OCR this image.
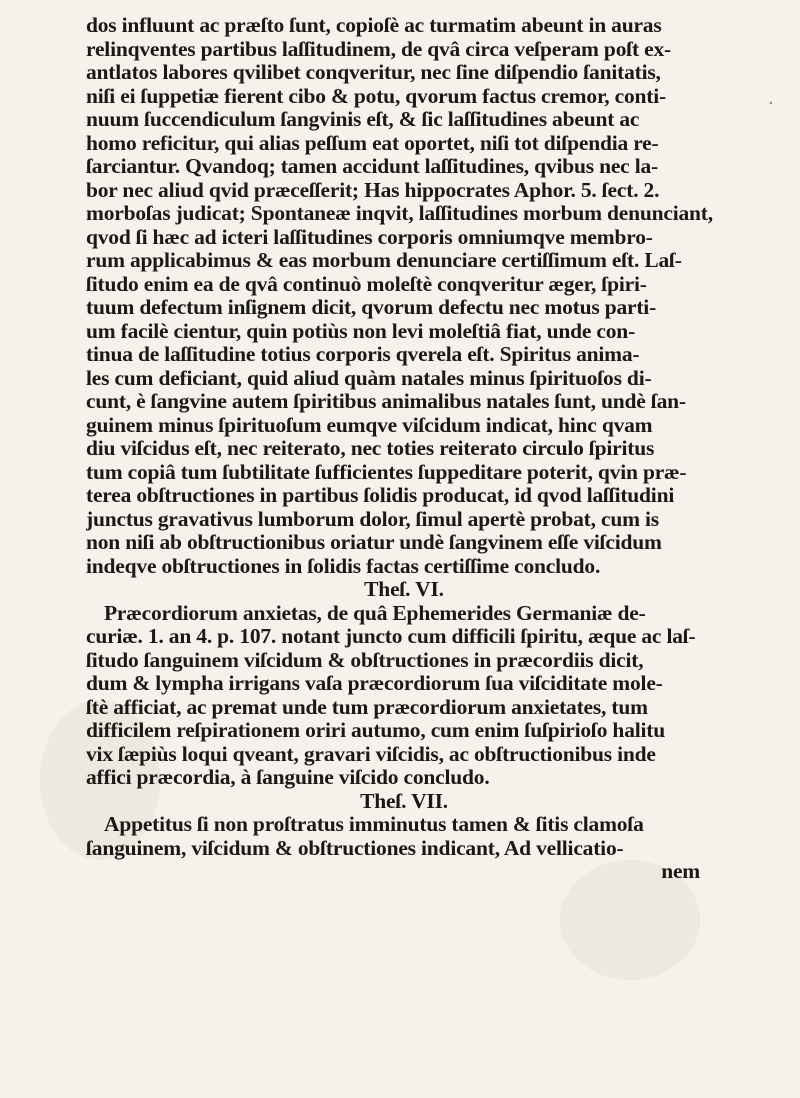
.
dos influunt ac præſto ſunt, copioſè ac turmatim abeunt in auras
relinqventes partibus laſſitudinem, de qvâ circa veſperam poſt ex-
antlatos labores qvilibet conqveritur, nec ſine diſpendio ſanitatis,
niſi ei ſuppetiæ fierent cibo & potu, qvorum factus cremor, conti-
nuum ſuccendiculum ſangvinis eſt, & ſic laſſitudines abeunt ac
homo reficitur, qui alias peſſum eat oportet, niſi tot diſpendia re-
ſarciantur. Qvandoq; tamen accidunt laſſitudines, qvibus nec la-
bor nec aliud qvid præceſſerit; Has hippocrates Aphor. 5. ſect. 2.
morboſas judicat; Spontaneæ inqvit, laſſitudines morbum denunciant,
qvod ſi hæc ad icteri laſſitudines corporis omniumqve membro-
rum applicabimus & eas morbum denunciare certiſſimum eſt. Laſ-
ſitudo enim ea de qvâ continuò moleſtè conqveritur æger, ſpiri-
tuum defectum inſignem dicit, qvorum defectu nec motus parti-
um facilè cientur, quin potiùs non levi moleſtiâ fiat, unde con-
tinua de laſſitudine totius corporis qverela eſt. Spiritus anima-
les cum deficiant, quid aliud quàm natales minus ſpirituoſos di-
cunt, è ſangvine autem ſpiritibus animalibus natales ſunt, undè ſan-
guinem minus ſpirituoſum eumqve viſcidum indicat, hinc qvam
diu viſcidus eſt, nec reiterato, nec toties reiterato circulo ſpiritus
tum copiâ tum ſubtilitate ſufficientes ſuppeditare poterit, qvin præ-
terea obſtructiones in partibus ſolidis producat, id qvod laſſitudini
junctus gravativus lumborum dolor, ſimul apertè probat, cum is
non niſi ab obſtructionibus oriatur undè ſangvinem eſſe viſcidum
indeqve obſtructiones in ſolidis factas certiſſime concludo.
Theſ. VI.
Præcordiorum anxietas, de quâ Ephemerides Germaniæ de-
curiæ. 1. an 4. p. 107. notant juncto cum difficili ſpiritu, æque ac laſ-
ſitudo ſanguinem viſcidum & obſtructiones in præcordiis dicit,
dum & lympha irrigans vaſa præcordiorum ſua viſciditate mole-
ſtè afficiat, ac premat unde tum præcordiorum anxietates, tum
difficilem reſpirationem oriri autumo, cum enim ſuſpirioſo halitu
vix ſæpiùs loqui qveant, gravari viſcidis, ac obſtructionibus inde
affici præcordia, à ſanguine viſcido concludo.
Theſ. VII.
Appetitus ſi non proſtratus imminutus tamen & ſitis clamoſa
ſanguinem, viſcidum & obſtructiones indicant, Ad vellicatio-
nem
